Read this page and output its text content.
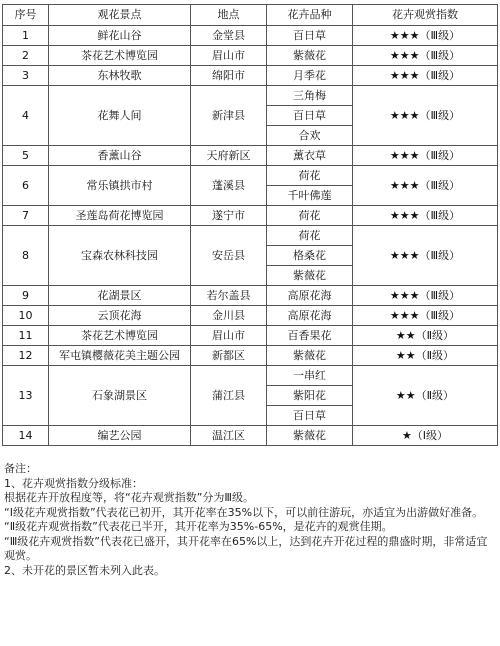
序号	观花景点	地点	花卉品种	花卉观赏指数
1	鲜花山谷	金堂县	百日草	★★★（Ⅲ级）
2	茶花艺术博览园	眉山市	紫薇花	★★★（Ⅲ级）
3	东林牧歌	绵阳市	月季花	★★★（Ⅲ级）
4	花舞人间	新津县	三角梅	★★★（Ⅲ级）
			百日草	
			合欢	
5	香薰山谷	天府新区	薰衣草	★★★（Ⅲ级）
6	常乐镇拱市村	蓬溪县	荷花	★★★（Ⅲ级）
			千叶佛莲	
7	圣莲岛荷花博览园	遂宁市	荷花	★★★（Ⅲ级）
8	宝森农林科技园	安岳县	荷花	★★★（Ⅲ级）
			格桑花	
			紫薇花	
9	花湖景区	若尔盖县	高原花海	★★★（Ⅲ级）
10	云顶花海	金川县	高原花海	★★★（Ⅲ级）
11	茶花艺术博览园	眉山市	百香果花	★★（Ⅱ级）
12	军屯镇樱薇花美主题公园	新都区	紫薇花	★★（Ⅱ级）
13	石象湖景区	蒲江县	一串红	★★（Ⅱ级）
			紫阳花	
			百日草	
14	编艺公园	温江区	紫薇花	★（Ⅰ级）
备注：
1、花卉观赏指数分级标准：
根据花卉开放程度等，将“花卉观赏指数”分为Ⅲ级。
“Ⅰ级花卉观赏指数”代表花已初开，其开花率在35%以下，可以前往游玩，亦适宜为出游做好准备。
“Ⅱ级花卉观赏指数”代表花已半开，其开花率为35%-65%，是花卉的观赏佳期。
“Ⅲ级花卉观赏指数”代表花已盛开，其开花率在65%以上，达到花卉开花过程的鼎盛时期，非常适宜观赏。
2、未开花的景区暂未列入此表。
